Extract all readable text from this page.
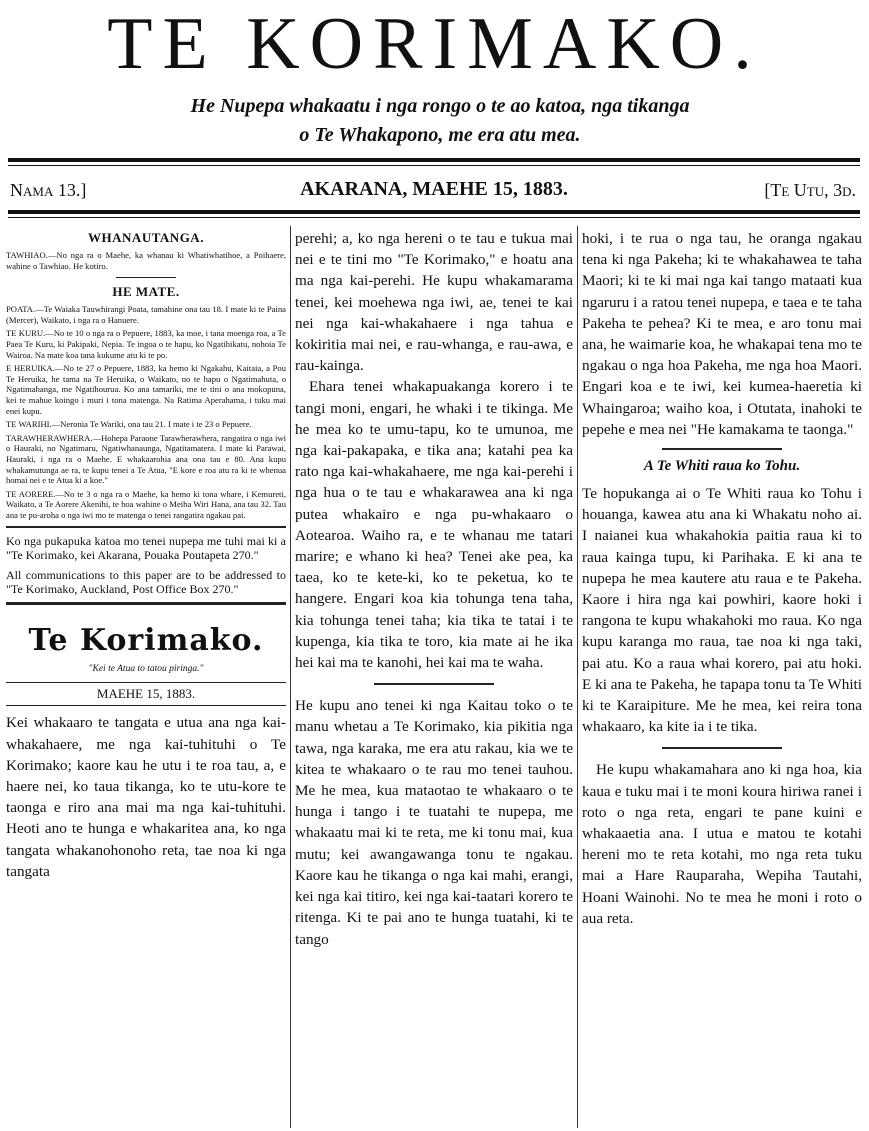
TE KORIMAKO.
He Nupepa whakaatu i nga rongo o te ao katoa, nga tikanga
o Te Whakapono, me era atu mea.
Nama 13.]	AKARANA, MAEHE 15, 1883.	[Te Utu, 3d.
WHANAUTANGA.

TAWHIAO.—No nga ra o Maehe, ka whanau ki Whatiwhatihoe, a Poihaere, wahine o Tawhiao. He kotiro.

HE MATE.

POATA.—Te Waiaka Tauwhirangi Poata, tamahine ona tau 18. I mate ki te Paina (Mercer), Waikato, i nga ra o Hanuere.

TE KURU.—No te 10 o nga ra o Pepuere, 1883, ka moe, i tana moenga roa, a Te Paea Te Kuru, ki Pakipaki, Nepia. Te ingoa o te hapu, ko Ngatihikatu, nohoia Te Wairoa. Na mate koa tana kukume atu ki te po.

E HERUIKA.—No te 27 o Pepuere, 1883, ka hemo ki Ngakahu, Kaitaia, a Pou Te Heruika, he tama na Te Heruika, o Waikato, no te hapu o Ngatimahuta, o Ngatimahanga, me Ngatihourua. Ko ana tamariki, me te tini o ana mokopuna, kei te mahue koingo i muri i tona matenga. Na Ratima Aperahama, i tuku mai enei kupu.

TE WARIHI.—Neronia Te Wariki, ona tau 21. I mate i te 23 o Pepuere.

TARAWHERAWHERA.—Hohepa Paraone Tarawherawhera, rangatira o nga iwi o Hauraki, no Ngatimaru, Ngatiwhanaunga, Ngatitamatera. I mate ki Parawai, Hauraki, i nga ra o Maehe. E whakaarohia ana ona tau e 80. Ana kupu whakamutunga ae ra, te kupu tenei a Te Atua, "E kore e roa atu ra ki te whenua homai nei e te Atua ki a koe."

TE AORERE.—No te 3 o nga ra o Maehe, ka hemo ki tona whare, i Kemureti, Waikato, a Te Aorere Akenihi, te hoa wahine o Meiha Wiri Hana, ana tau 32. Tau ana te pu-aroha o nga iwi mo te matenga o tenei rangatira ngakau pai.

Ko nga pukapuka katoa mo tenei nupepa me tuhi mai ki a "Te Korimako, kei Akarana, Pouaka Poutapeta 270."

All communications to this paper are to be addressed to "Te Korimako, Auckland, Post Office Box 270."

Te Korimako.
"Kei te Atua to tatou piringa."
MAEHE 15, 1883.

Kei whakaaro te tangata e utua ana nga kai-whakahaere, me nga kai-tuhituhi o Te Korimako; kaore kau he utu i te roa tau, a, e haere nei, ko taua tikanga, ko te utu-kore te taonga e riro ana mai ma nga kai-tuhituhi. Heoti ano te hunga e whakaritea ana, ko nga tangata whakanohonoho reta, tae noa ki nga tangata

perehi; a, ko nga hereni o te tau e tukua mai nei e te tini mo "Te Korimako," e hoatu ana ma nga kai-perehi. He kupu whakamarama tenei, kei moehewa nga iwi, ae, tenei te kai nei nga kai-whakahaere i nga tahua e kokiritia mai nei, e rau-whanga, e rau-awa, e rau-kainga.

Ehara tenei whakapuakanga korero i te tangi moni, engari, he whaki i te tikinga. Me he mea ko te umu-tapu, ko te umunoa, me nga kai-pakapaka, e tika ana; katahi pea ka rato nga kai-whakahaere, me nga kai-perehi i nga hua o te tau e whakarawea ana ki nga putea whakairo e nga pu-whakaaro o Aotearoa. Waiho ra, e te whanau me tatari marire; e whano ki hea? Tenei ake pea, ka taea, ko te kete-ki, ko te peketua, ko te hangere. Engari koa kia tohunga tena taha, kia tohunga tenei taha; kia tika te tatai i te kupenga, kia tika te toro, kia mate ai he ika hei kai ma te kanohi, hei kai ma te waha.

He kupu ano tenei ki nga Kaitau toko o te manu whetau a Te Korimako, kia pikitia nga tawa, nga karaka, me era atu rakau, kia we te kitea te whakaaro o te rau mo tenei tauhou. Me he mea, kua mataotao te whakaaro o te hunga i tango i te tuatahi te nupepa, me whakaatu mai ki te reta, me ki tonu mai, kua mutu; kei awangawanga tonu te ngakau. Kaore kau he tikanga o nga kai mahi, erangi, kei nga kai titiro, kei nga kai-taatari korero te ritenga. Ki te pai ano te hunga tuatahi, ki te tango

hoki, i te rua o nga tau, he oranga ngakau tena ki nga Pakeha; ki te whakahawea te taha Maori; ki te ki mai nga kai tango mataati kua ngaruru i a ratou tenei nupepa, e taea e te taha Pakeha te pehea? Ki te mea, e aro tonu mai ana, he waimarie koa, he whakapai tena mo te ngakau o nga hoa Pakeha, me nga hoa Maori. Engari koa e te iwi, kei kumea-haeretia ki Whaingaroa; waiho koa, i Otutata, inahoki te pepehe e mea nei "He kamakama te taonga."

A Te Whiti raua ko Tohu.

Te hopukanga ai o Te Whiti raua ko Tohu i houanga, kawea atu ana ki Whakatu noho ai. I naianei kua whakahokia paitia raua ki to raua kainga tupu, ki Parihaka. E ki ana te nupepa he mea kautere atu raua e te Pakeha. Kaore i hira nga kai powhiri, kaore hoki i rangona te kupu whakahoki mo raua. Ko nga kupu karanga mo raua, tae noa ki nga taki, pai atu. Ko a raua whai korero, pai atu hoki. E ki ana te Pakeha, he tapapa tonu ta Te Whiti ki te Karaipiture. Me he mea, kei reira tona whakaaro, ka kite ia i te tika.

He kupu whakamahara ano ki nga hoa, kia kaua e tuku mai i te moni koura hiriwa ranei i roto o nga reta, engari te pane kuini e whakaaetia ana. I utua e matou te kotahi hereni mo te reta kotahi, mo nga reta tuku mai a Hare Rauparaha, Wepiha Tautahi, Hoani Wainohi. No te mea he moni i roto o aua reta.
